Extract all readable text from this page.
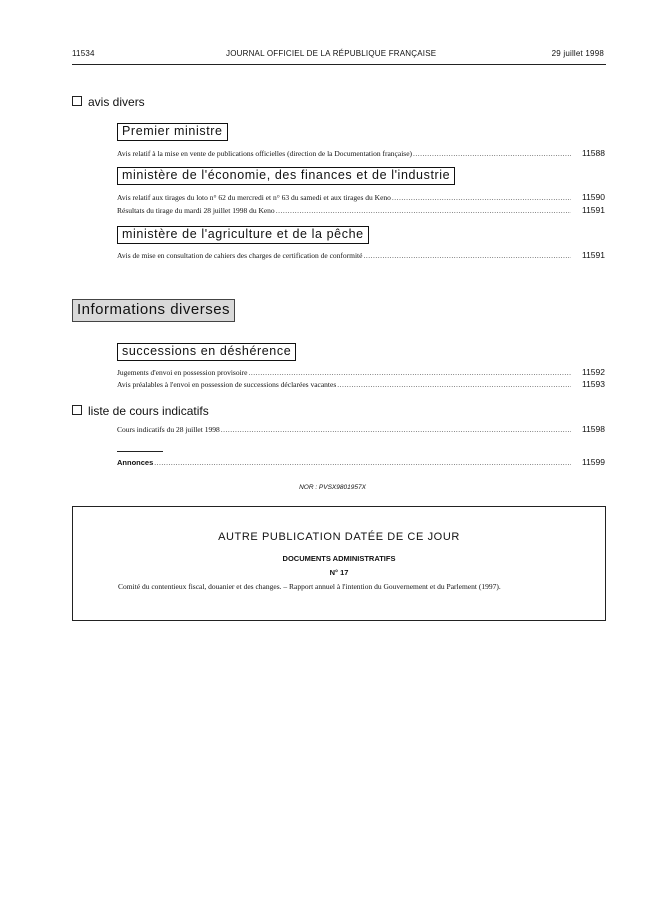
11534	JOURNAL OFFICIEL DE LA RÉPUBLIQUE FRANÇAISE	29 juillet 1998
avis divers
Premier ministre
Avis relatif à la mise en vente de publications officielles (direction de la Documentation française) .....	11588
ministère de l'économie, des finances et de l'industrie
Avis relatif aux tirages du loto n° 62 du mercredi et n° 63 du samedi et aux tirages du Keno .....	11590
Résultats du tirage du mardi 28 juillet 1998 du Keno .....	11591
ministère de l'agriculture et de la pêche
Avis de mise en consultation de cahiers des charges de certification de conformité .....	11591
Informations diverses
successions en déshérence
Jugements d'envoi en possession provisoire .....	11592
Avis préalables à l'envoi en possession de successions déclarées vacantes .....	11593
liste de cours indicatifs
Cours indicatifs du 28 juillet 1998 .....	11598
Annonces .....	11599
NOR : PVSX9801957X
AUTRE PUBLICATION DATÉE DE CE JOUR
DOCUMENTS ADMINISTRATIFS
N° 17
Comité du contentieux fiscal, douanier et des changes. – Rapport annuel à l'intention du Gouvernement et du Parlement (1997).
